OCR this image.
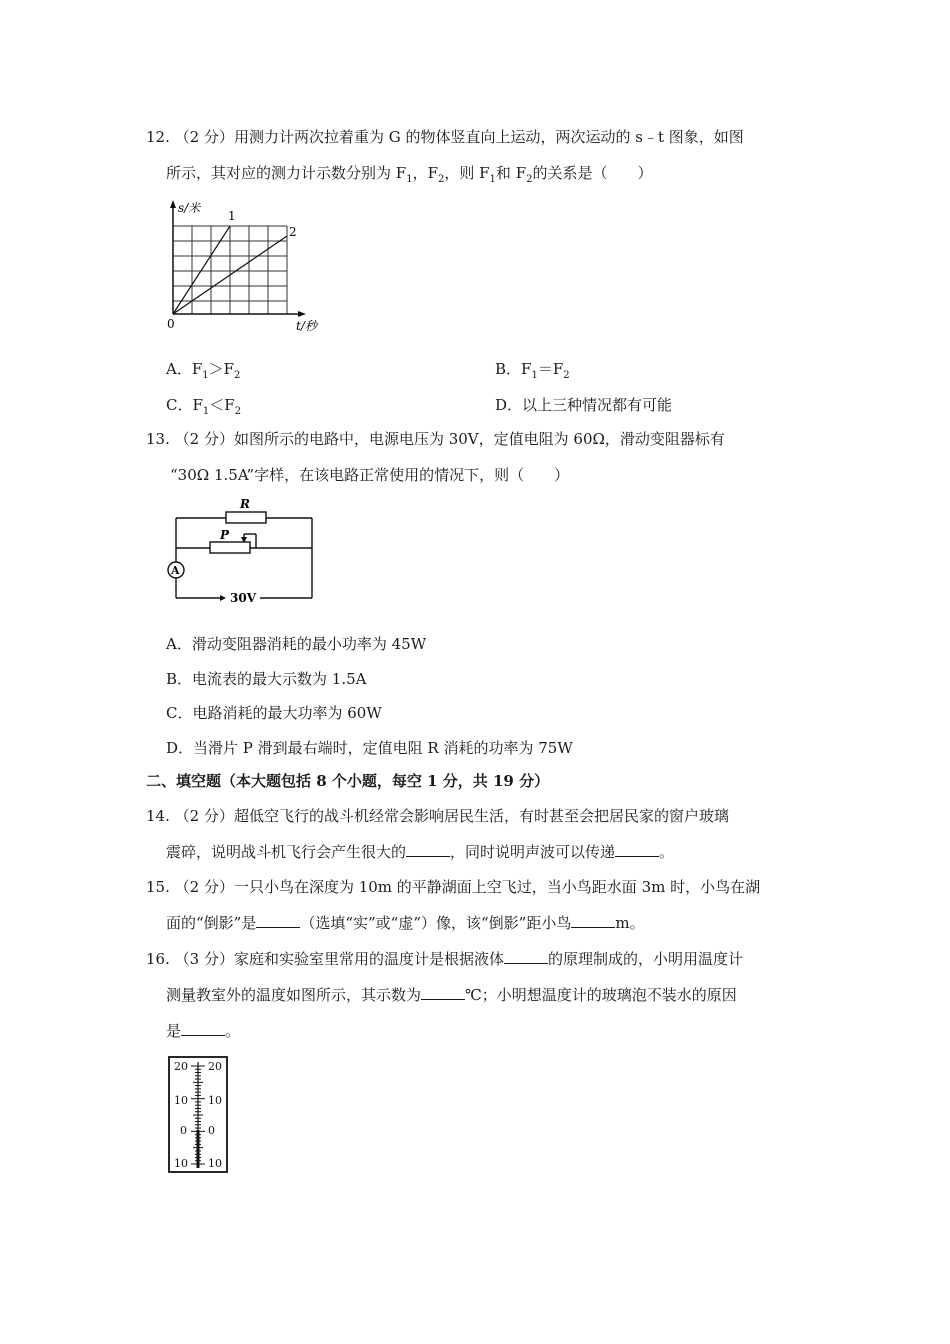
12. （2 分）用测力计两次拉着重为 G 的物体竖直向上运动，两次运动的 s﹣t 图象，如图
所示，其对应的测力计示数分别为 $F_1$，$F_2$，则 $F_1$和 $F_2$的关系是（　　）
s/米
t/秒
0
1
2
A．$F_1>F_2$	B．$F_1=F_2$
C．$F_1<F_2$	D．以上三种情况都有可能
13. （2 分）如图所示的电路中，电源电压为 30V，定值电阻为 60Ω，滑动变阻器标有
“30Ω 1.5A”字样，在该电路正常使用的情况下，则（　　）
R
P
A
30V
A．滑动变阻器消耗的最小功率为 45W
B．电流表的最大示数为 1.5A
C．电路消耗的最大功率为 60W
D．当滑片 P 滑到最右端时，定值电阻 R 消耗的功率为 75W
二、填空题（本大题包括 8 个小题，每空 1 分，共 19 分）
14. （2 分）超低空飞行的战斗机经常会影响居民生活，有时甚至会把居民家的窗户玻璃
震碎，说明战斗机飞行会产生很大的	，同时说明声波可以传递	。
15. （2 分）一只小鸟在深度为 10m 的平静湖面上空飞过，当小鸟距水面 3m 时，小鸟在湖
面的“倒影”是	（选填“实”或“虚”）像，该“倒影”距小鸟	m。
16. （3 分）家庭和实验室里常用的温度计是根据液体	的原理制成的，小明用温度计
测量教室外的温度如图所示，其示数为	℃；小明想温度计的玻璃泡不装水的原因
是	。
20
10
0
10
20
10
0
10
